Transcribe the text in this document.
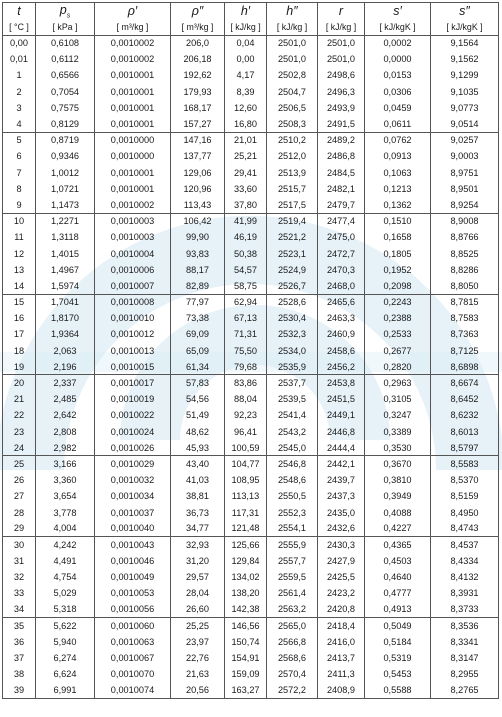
t	$p_s$	ρ′	ρ″	h′	h″	r	s′	s″
[ °C ]	[ kPa ]	[ m³/kg ]	[ m³/kg ]	[ kJ/kg ]	[ kJ/kg ]	[ kJ/kg ]	[ kJ/kgK ]	[ kJ/kgK ]
0,00	0,6108	0,0010002	206,0	0,04	2501,0	2501,0	0,0002	9,1564
0,01	0,6112	0,0010002	206,18	0,00	2501,0	2501,0	0,0000	9,1562
1	0,6566	0,0010001	192,62	4,17	2502,8	2498,6	0,0153	9,1299
2	0,7054	0,0010001	179,93	8,39	2504,7	2496,3	0,0306	9,1035
3	0,7575	0,0010001	168,17	12,60	2506,5	2493,9	0,0459	9,0773
4	0,8129	0,0010001	157,27	16,80	2508,3	2491,5	0,0611	9,0514
5	0,8719	0,0010000	147,16	21,01	2510,2	2489,2	0,0762	9,0257
6	0,9346	0,0010000	137,77	25,21	2512,0	2486,8	0,0913	9,0003
7	1,0012	0,0010001	129,06	29,41	2513,9	2484,5	0,1063	8,9751
8	1,0721	0,0010001	120,96	33,60	2515,7	2482,1	0,1213	8,9501
9	1,1473	0,0010002	113,43	37,80	2517,5	2479,7	0,1362	8,9254
10	1,2271	0,0010003	106,42	41,99	2519,4	2477,4	0,1510	8,9008
11	1,3118	0,0010003	99,90	46,19	2521,2	2475,0	0,1658	8,8766
12	1,4015	0,0010004	93,83	50,38	2523,1	2472,7	0,1805	8,8525
13	1,4967	0,0010006	88,17	54,57	2524,9	2470,3	0,1952	8,8286
14	1,5974	0,0010007	82,89	58,75	2526,7	2468,0	0,2098	8,8050
15	1,7041	0,0010008	77,97	62,94	2528,6	2465,6	0,2243	8,7815
16	1,8170	0,0010010	73,38	67,13	2530,4	2463,3	0,2388	8,7583
17	1,9364	0,0010012	69,09	71,31	2532,3	2460,9	0,2533	8,7363
18	2,063	0,0010013	65,09	75,50	2534,0	2458,6	0,2677	8,7125
19	2,196	0,0010015	61,34	79,68	2535,9	2456,2	0,2820	8,6898
20	2,337	0,0010017	57,83	83,86	2537,7	2453,8	0,2963	8,6674
21	2,485	0,0010019	54,56	88,04	2539,5	2451,5	0,3105	8,6452
22	2,642	0,0010022	51,49	92,23	2541,4	2449,1	0,3247	8,6232
23	2,808	0,0010024	48,62	96,41	2543,2	2446,8	0,3389	8,6013
24	2,982	0,0010026	45,93	100,59	2545,0	2444,4	0,3530	8,5797
25	3,166	0,0010029	43,40	104,77	2546,8	2442,1	0,3670	8,5583
26	3,360	0,0010032	41,03	108,95	2548,6	2439,7	0,3810	8,5370
27	3,654	0,0010034	38,81	113,13	2550,5	2437,3	0,3949	8,5159
28	3,778	0,0010037	36,73	117,31	2552,3	2435,0	0,4088	8,4950
29	4,004	0,0010040	34,77	121,48	2554,1	2432,6	0,4227	8,4743
30	4,242	0,0010043	32,93	125,66	2555,9	2430,3	0,4365	8,4537
31	4,491	0,0010046	31,20	129,84	2557,7	2427,9	0,4503	8,4334
32	4,754	0,0010049	29,57	134,02	2559,5	2425,5	0,4640	8,4132
33	5,029	0,0010053	28,04	138,20	2561,4	2423,2	0,4777	8,3931
34	5,318	0,0010056	26,60	142,38	2563,2	2420,8	0,4913	8,3733
35	5,622	0,0010060	25,25	146,56	2565,0	2418,4	0,5049	8,3536
36	5,940	0,0010063	23,97	150,74	2566,8	2416,0	0,5184	8,3341
37	6,274	0,0010067	22,76	154,91	2568,6	2413,7	0,5319	8,3147
38	6,624	0,0010070	21,63	159,09	2570,4	2411,3	0,5453	8,2955
39	6,991	0,0010074	20,56	163,27	2572,2	2408,9	0,5588	8,2765
